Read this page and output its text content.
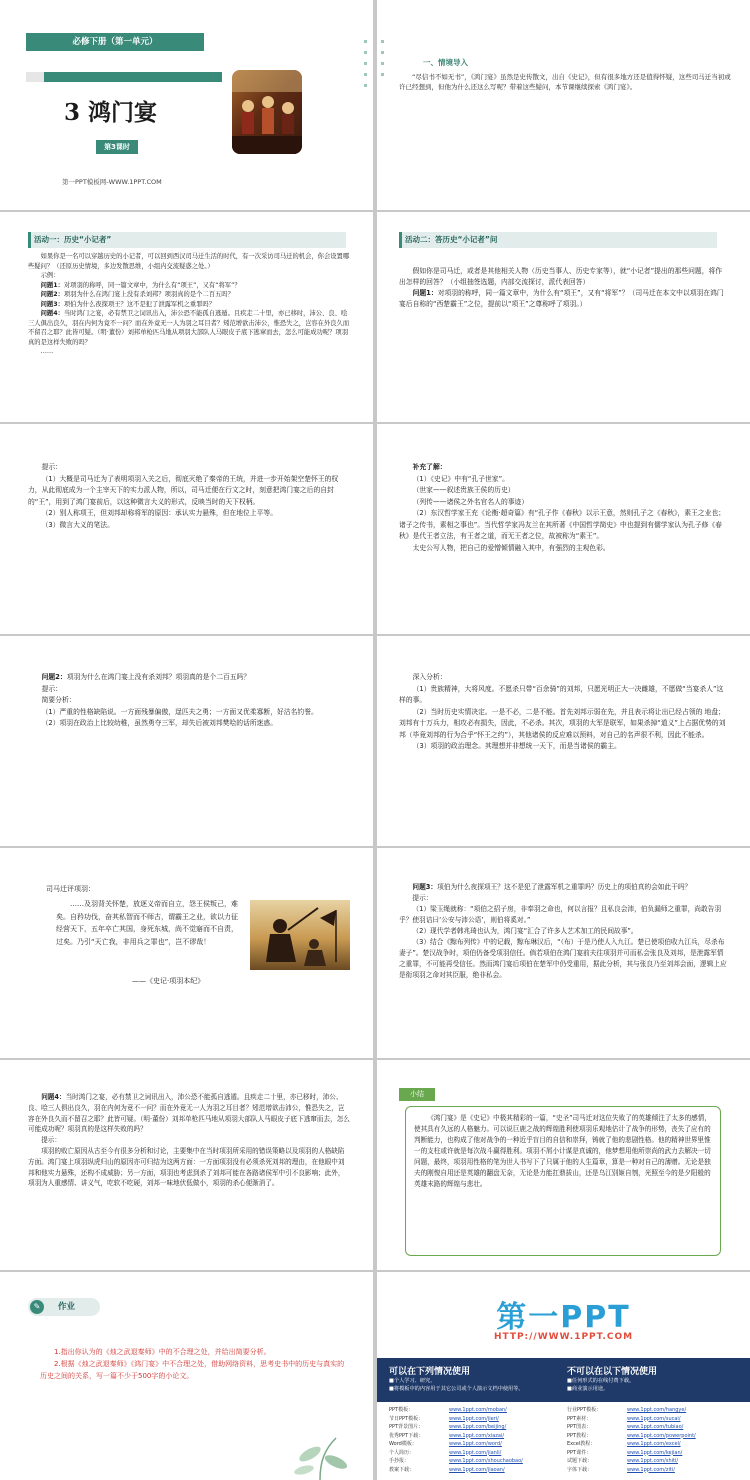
必修下册（第一单元）
3 鸿门宴
第3课时
第一PPT模板网-WWW.1PPT.COM
一、情境导入

“尽信书不如无书”，《鸿门宴》虽然是史传散文，出自《史记》，但有很多地方还是值得怀疑，这些司马迁当初或许已经想到，但他为什么还这么写呢？带着这些疑问，本节课继续探索《鸿门宴》。

活动一：历史“小记者”

如果你是一名可以穿越历史的小记者，可以回到西汉司马迁生活的时代，有一次采访司马迁的机会，你会设置哪些疑问？（还原历史情境，多边发散思维，小组内交流疑惑之处。）

示例：

问题1：对项羽的称呼，同一篇文章中，为什么有“项王”，又有“将军”？

问题2：项羽为什么在鸿门宴上没有杀刘邦？项羽真的是个二百五吗？

问题3：项伯为什么夜探项王？这不是犯了泄露军机之重罪吗？

问题4：当时鸿门之宴，必有禁卫之词讯出入，沛公恐不能孤自逃遁。且疾走二十里，亦已移时，沛公、良、哙三人俱出良久，羽在内何为竟不一问？而在外竟无一人为羽之耳目者？矧范增欲击沛公，惟恐失之，岂容在外良久而不留召之耶？此皆可疑。（明·董份）刘邦单枪匹马地从项羽大部队人马眼皮子底下逃窜而去，怎么可能成功呢？项羽真的是这样失败的吗？

……

活动二：答历史“小记者”问

假如你是司马迁，或者是其他相关人物（历史当事人、历史专家等），就“小记者”提出的那些问题，将作出怎样的回答？（小组抽签选题，内部交流探讨，派代表回答）

问题1：对项羽的称呼，同一篇文章中，为什么有“项王”，又有“将军”？（司马迁在本文中以项羽在鸿门宴后自称的“西楚霸王”之位，提前以“项王”之尊称呼了项羽。）

提示：

（1）大概是司马迁为了表明项羽入关之后，彻底灭绝了秦帝的王统，并进一步开始架空楚怀王的权力，从此彻底成为一个主宰天下的实力派人物，所以，司马迁便在行文之时，刻意把鸿门宴之后的自封的“王”，用到了鸿门宴前后，以这种微言大义的形式，反映当时的天下权柄。

（2）别人称项王，但刘邦却称将军的原因：承认实力悬殊，但在地位上平等。

（3）微言大义的笔法。

补充了解：

（1）《史记》中有“孔子世家”。

（世家——叙述贵族王侯的历史）

（列传——诸侯之外名官名人的事迹）

（2）东汉哲学家王充《论衡·超奇篇》有“孔子作《春秋》以示王意，然则孔子之《春秋》，素王之业也；诸子之传书，素相之事也”。当代哲学家冯友兰在其所著《中国哲学简史》中也提到有儒学家认为孔子修《春秋》是代王者立法，有王者之道，而无王者之位，故被称为“素王”。

太史公写人物，把自己的爱憎倾情融入其中，有强烈的主观色彩。

问题2：项羽为什么在鸿门宴上没有杀刘邦？项羽真的是个二百五吗？

提示：

简要分析：

（1）严重的性格缺陷说。一方面残暴偏傲，逞匹夫之勇；一方面又优柔寡断，好沽名钓誉。

（2）项羽在政治上比较幼稚，虽然勇夺三军，却失后被刘邦樊哙的话所迷惑。

深入分析：

（1）贵族精神，大将风度。不愿杀只带“百余骑”的刘邦，只愿光明正大一决雌雄，不愿做“当宴杀人”这样的事。

（2）当时历史实情决定。一是不必，二是不能。首先刘邦示弱在先，并且表示将让出已经占领的 地盘；刘邦有十万兵力，相攻必有损失，因此，不必杀。其次，项羽的大军是联军，如果杀掉“道义”上占据优势的刘邦（毕竟刘邦的行为合乎“怀王之约”），其他诸侯的反应难以预料，对自己的名声很不利，因此不能杀。

（3）项羽的政治理念。其理想并非想统一天下，而是当诸侯的霸主。

司马迁评项羽：

……及羽背关怀楚，放逐义帝而自立，怨王侯叛己，难矣。自矜功伐，奋其私智而不师古，谓霸王之业，欲以力征经营天下，五年卒亡其国，身死东城，尚不觉寤而不自责，过矣。乃引“天亡我，非用兵之罪也”，岂不谬哉！

——《史记·项羽本纪》

问题3：项伯为什么夜探项王？这不是犯了泄露军机之重罪吗？历史上的项伯真的会如此干吗？

提示：

（1）梁玉绳就称：“项伯之招子房，非奉羽之命也，何以言报？且私良会沛，伯负漏师之重罪，尚敢告羽乎？使羽诘曰‘公安与沛公语’，则伯将奚对。”

（2）现代学者韩兆琦也认为，鸿门宴“汇合了许多人艺术加工的民间故事”。

（3）结合《黥布列传》中的记载，黥布琳汉后，“（布）于是乃使人入九江。楚已使项伯收九江兵，尽杀布妻子”。楚汉战争时，项伯仍备受项羽信任。倘若项伯在鸿门宴前夫往项羽并可而私会张良及刘邦，是泄露军情之重罪，不可能再受信任。然而鸿门宴后项伯在楚军中仍受重用，据此分析，其与张良乃至刘邦会面，逻辑上应是衔项羽之命对其臣服，绝非私会。

问题4：当时鸿门之宴，必有禁卫之词讯出入，沛公恐不能孤自逃遁。且疾走二十里，亦已移时，沛公、良、哙三人俱出良久，羽在内何为竟不一问？而在外竟无一人为羽之耳目者？矧范增欲击沛公，惟恐失之，岂容在外良久而不留召之耶？此皆可疑。（明·董份）刘邦单枪匹马地从项羽大部队人马眼皮子底下逃窜而去，怎么可能成功呢？项羽真的是这样失败的吗？

提示：

项羽的败亡原因从古至今有很多分析和讨论，主要集中在当时项羽所采用的错误策略以及项羽的人格缺陷方面。鸿门宴上项羽纵虎归山的原因亦可归结为这两方面：一方面项羽没有必须杀死刘邦的理由，在他眼中刘邦和他实力悬殊，还构不成威胁；另一方面，项羽也考虑到杀了刘邦可能在各路诸侯军中引不良影响；此外，项羽为人重感情、讲义气，吃软不吃硬，刘邦一味地伏低做小，项羽的杀心便渐消了。

小结

《鸿门宴》是《史记》中极其精彩的一篇，“史圣”司马迁对这位失败了的英雄倾注了太多的感情，使其具有久远的人格魅力。可以说巨鹿之战的辉煌胜利使项羽乐观地估计了战争的形势，丧失了应有的判断能力，也构成了他对战争的一种近乎盲目的自信和崇拜，铸就了他的悲剧性格。他的精神世界里惟一的支柱或许就是每次战斗赢得胜利。项羽不屑小计谋是真诚的，他梦想用他所崇尚的武力去解决一切问题，最终，项羽用性格的笔为世人书写下了只属于他的人生篇章，算是一种对自己的薄赠。无论是独夫的刚愎自用还是英雄的翻盘无奈，无论是力能扛鼎拔山，还是乌江别姬自刎，光照至今的是夕阳般的英雄末路的辉煌与悲壮。

✎	作业

1.指出你认为的《烛之武退秦师》中的不合理之处，并给出简要分析。

2.根据《烛之武退秦师》《鸿门宴》中不合理之处，借助网络资料，思考史书中的历史与真实的历史之间的关系，写一篇不少于500字的小论文。

第一PPT
HTTP://WWW.1PPT.COM
可以在下列情况使用
■个人学习、研究。
■将模板中的内容用于其它公司或个人演示文档中使用等。
不可以在以下情况使用
■任何形式的在线付费下载。
■商业演示用途。
PPT模板：	www.1ppt.com/moban/
节日PPT模板：	www.1ppt.com/jieri/
PPT背景图片：	www.1ppt.com/beijing/
优秀PPT下载：	www.1ppt.com/xiazai/
Word模板：	www.1ppt.com/word/
个人简历：	www.1ppt.com/jianli/
手抄报：	www.1ppt.com/shouchaobao/
教案下载：	www.1ppt.com/jiaoan/
行业PPT模板：	www.1ppt.com/hangye/
PPT素材：	www.1ppt.com/sucai/
PPT图表：	www.1ppt.com/tubiao/
PPT教程：	www.1ppt.com/powerpoint/
Excel教程：	www.1ppt.com/excel/
PPT课件：	www.1ppt.com/kejian/
试题下载：	www.1ppt.com/shiti/
字体下载：	www.1ppt.com/ziti/
